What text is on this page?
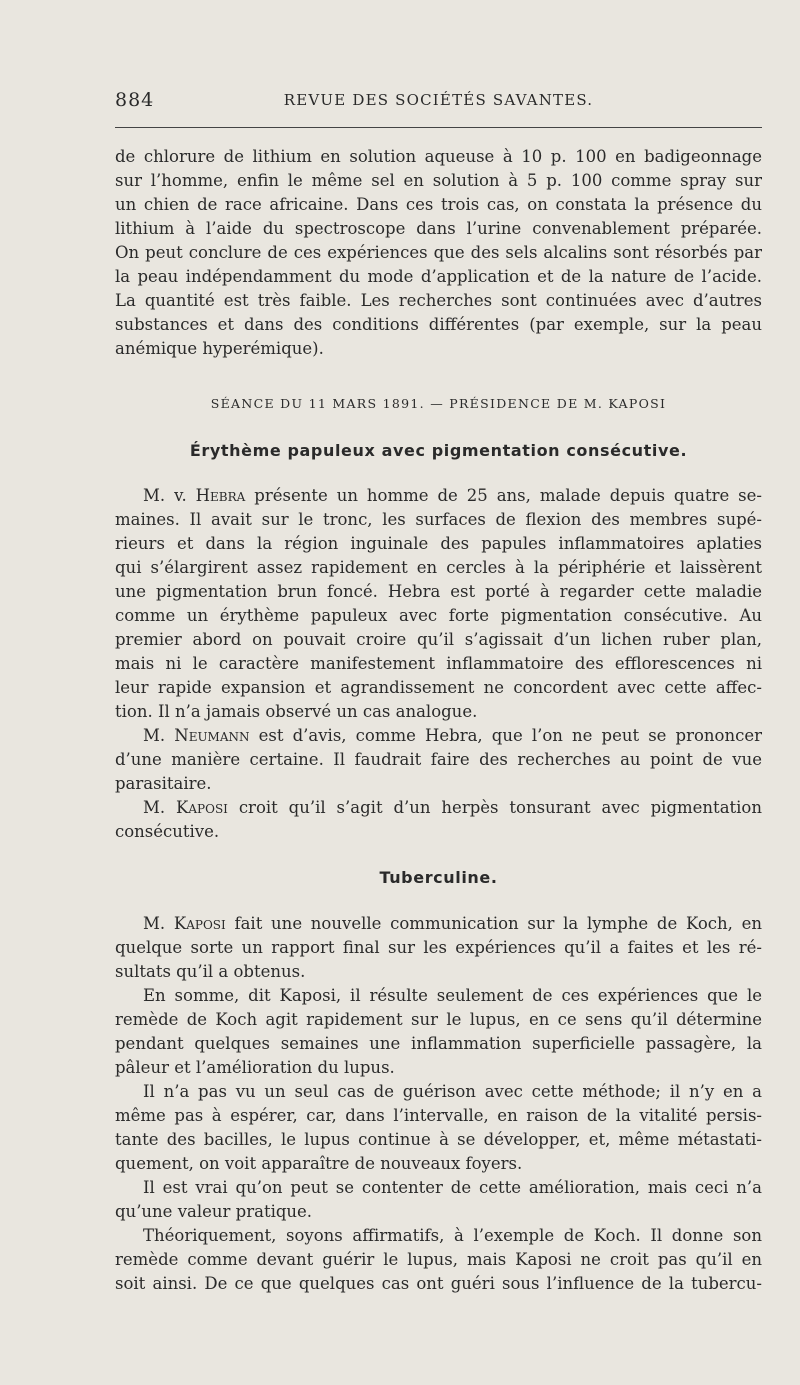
884	REVUE DES SOCIÉTÉS SAVANTES.
de chlorure de lithium en solution aqueuse à 10 p. 100 en badigeonnage
sur l’homme, enfin le même sel en solution à 5 p. 100 comme spray sur
un chien de race africaine. Dans ces trois cas, on constata la présence du
lithium à l’aide du spectroscope dans l’urine convenablement préparée.
On peut conclure de ces expériences que des sels alcalins sont résorbés par
la peau indépendamment du mode d’application et de la nature de l’acide.
La quantité est très faible. Les recherches sont continuées avec d’autres
substances et dans des conditions différentes (par exemple, sur la peau
anémique hyperémique).
SÉANCE DU 11 MARS 1891. — PRÉSIDENCE DE M. KAPOSI
Érythème papuleux avec pigmentation consécutive.
M. v. Hebra présente un homme de 25 ans, malade depuis quatre se-
maines. Il avait sur le tronc, les surfaces de flexion des membres supé-
rieurs et dans la région inguinale des papules inflammatoires aplaties
qui s’élargirent assez rapidement en cercles à la périphérie et laissèrent
une pigmentation brun foncé. Hebra est porté à regarder cette maladie
comme un érythème papuleux avec forte pigmentation consécutive. Au
premier abord on pouvait croire qu’il s’agissait d’un lichen ruber plan,
mais ni le caractère manifestement inflammatoire des efflorescences ni
leur rapide expansion et agrandissement ne concordent avec cette affec-
tion. Il n’a jamais observé un cas analogue.
M. Neumann est d’avis, comme Hebra, que l’on ne peut se prononcer
d’une manière certaine. Il faudrait faire des recherches au point de vue
parasitaire.
M. Kaposi croit qu’il s’agit d’un herpès tonsurant avec pigmentation
consécutive.
Tuberculine.
M. Kaposi fait une nouvelle communication sur la lymphe de Koch, en
quelque sorte un rapport final sur les expériences qu’il a faites et les ré-
sultats qu’il a obtenus.
En somme, dit Kaposi, il résulte seulement de ces expériences que le
remède de Koch agit rapidement sur le lupus, en ce sens qu’il détermine
pendant quelques semaines une inflammation superficielle passagère, la
pâleur et l’amélioration du lupus.
Il n’a pas vu un seul cas de guérison avec cette méthode; il n’y en a
même pas à espérer, car, dans l’intervalle, en raison de la vitalité persis-
tante des bacilles, le lupus continue à se développer, et, même métastati-
quement, on voit apparaître de nouveaux foyers.
Il est vrai qu’on peut se contenter de cette amélioration, mais ceci n’a
qu’une valeur pratique.
Théoriquement, soyons affirmatifs, à l’exemple de Koch. Il donne son
remède comme devant guérir le lupus, mais Kaposi ne croit pas qu’il en
soit ainsi. De ce que quelques cas ont guéri sous l’influence de la tubercu-
